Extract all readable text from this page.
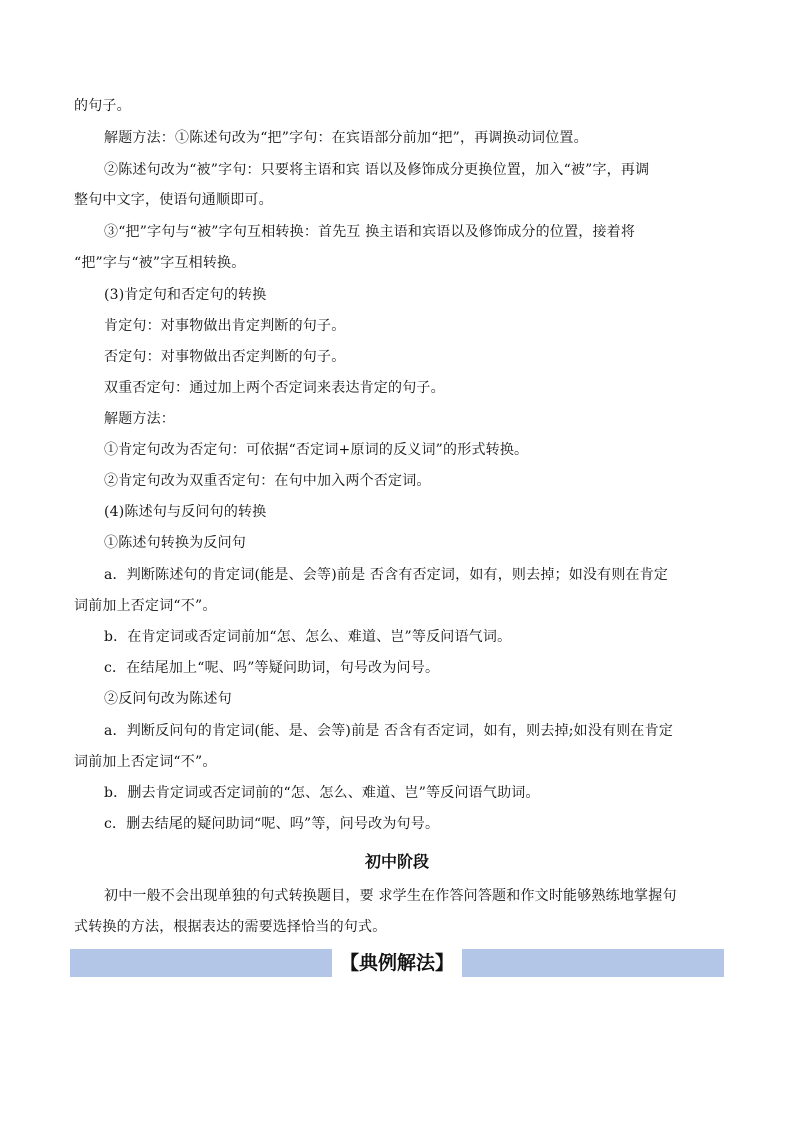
的句子。
解题方法：①陈述句改为“把”字句：在宾语部分前加“把”，再调换动词位置。
②陈述句改为“被”字句：只要将主语和宾 语以及修饰成分更换位置，加入“被”字，再调
整句中文字，使语句通顺即可。
③“把”字句与“被”字句互相转换：首先互 换主语和宾语以及修饰成分的位置，接着将
“把”字与“被”字互相转换。
(3)肯定句和否定句的转换
肯定句：对事物做出肯定判断的句子。
否定句：对事物做出否定判断的句子。
双重否定句：通过加上两个否定词来表达肯定的句子。
解题方法：
①肯定句改为否定句：可依据“否定词+原词的反义词”的形式转换。
②肯定句改为双重否定句：在句中加入两个否定词。
(4)陈述句与反问句的转换
①陈述句转换为反问句
a．判断陈述句的肯定词(能是、会等)前是 否含有否定词，如有，则去掉；如没有则在肯定
词前加上否定词“不”。
b．在肯定词或否定词前加“怎、怎么、难道、岂”等反问语气词。
c．在结尾加上“呢、吗”等疑问助词，句号改为问号。
②反问句改为陈述句
a．判断反问句的肯定词(能、是、会等)前是 否含有否定词，如有，则去掉;如没有则在肯定
词前加上否定词“不”。
b．删去肯定词或否定词前的“怎、怎么、难道、岂”等反问语气助词。
c．删去结尾的疑问助词“呢、吗”等，问号改为句号。
初中阶段
初中一般不会出现单独的句式转换题目，要 求学生在作答问答题和作文时能够熟练地掌握句
式转换的方法，根据表达的需要选择恰当的句式。
【典例解法】
